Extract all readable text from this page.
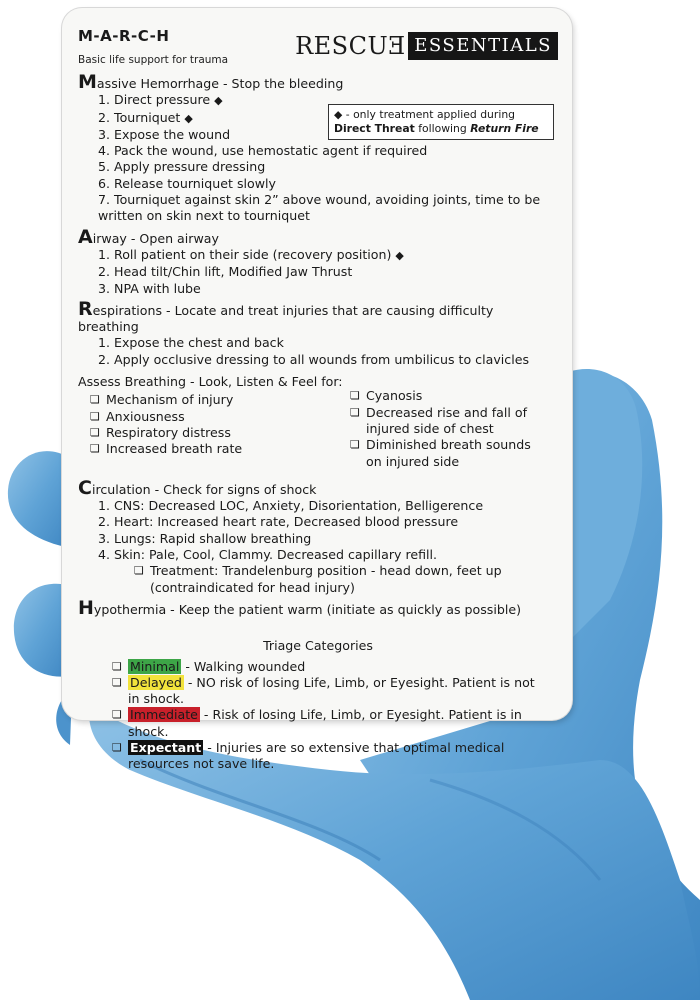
M-A-R-C-H
Basic life support for trauma	RESCUƎ ESSENTIALS
◆ - only treatment applied during Direct Threat following Return Fire
Massive Hemorrhage - Stop the bleeding
1. Direct pressure ◆
2. Tourniquet ◆
3. Expose the wound
4. Pack the wound, use hemostatic agent if required
5. Apply pressure dressing
6. Release tourniquet slowly
7. Tourniquet against skin 2” above wound, avoiding joints, time to be written on skin next to tourniquet
Airway - Open airway
1. Roll patient on their side (recovery position) ◆
2. Head tilt/Chin lift, Modified Jaw Thrust
3. NPA with lube
Respirations - Locate and treat injuries that are causing difficulty breathing
1. Expose the chest and back
2. Apply occlusive dressing to all wounds from umbilicus to clavicles
Assess Breathing - Look, Listen & Feel for:
❏ Mechanism of injury
❏ Anxiousness
❏ Respiratory distress
❏ Increased breath rate
❏ Cyanosis
❏ Decreased rise and fall of injured side of chest
❏ Diminished breath sounds on injured side
Circulation - Check for signs of shock
1. CNS: Decreased LOC, Anxiety, Disorientation, Belligerence
2. Heart: Increased heart rate, Decreased blood pressure
3. Lungs: Rapid shallow breathing
4. Skin: Pale, Cool, Clammy. Decreased capillary refill.
❏ Treatment: Trandelenburg position - head down, feet up (contraindicated for head injury)
Hypothermia - Keep the patient warm (initiate as quickly as possible)
Triage Categories
❏ Minimal - Walking wounded
❏ Delayed - NO risk of losing Life, Limb, or Eyesight. Patient is not in shock.
❏ Immediate - Risk of losing Life, Limb, or Eyesight. Patient is in shock.
❏ Expectant - Injuries are so extensive that optimal medical resources not save life.
